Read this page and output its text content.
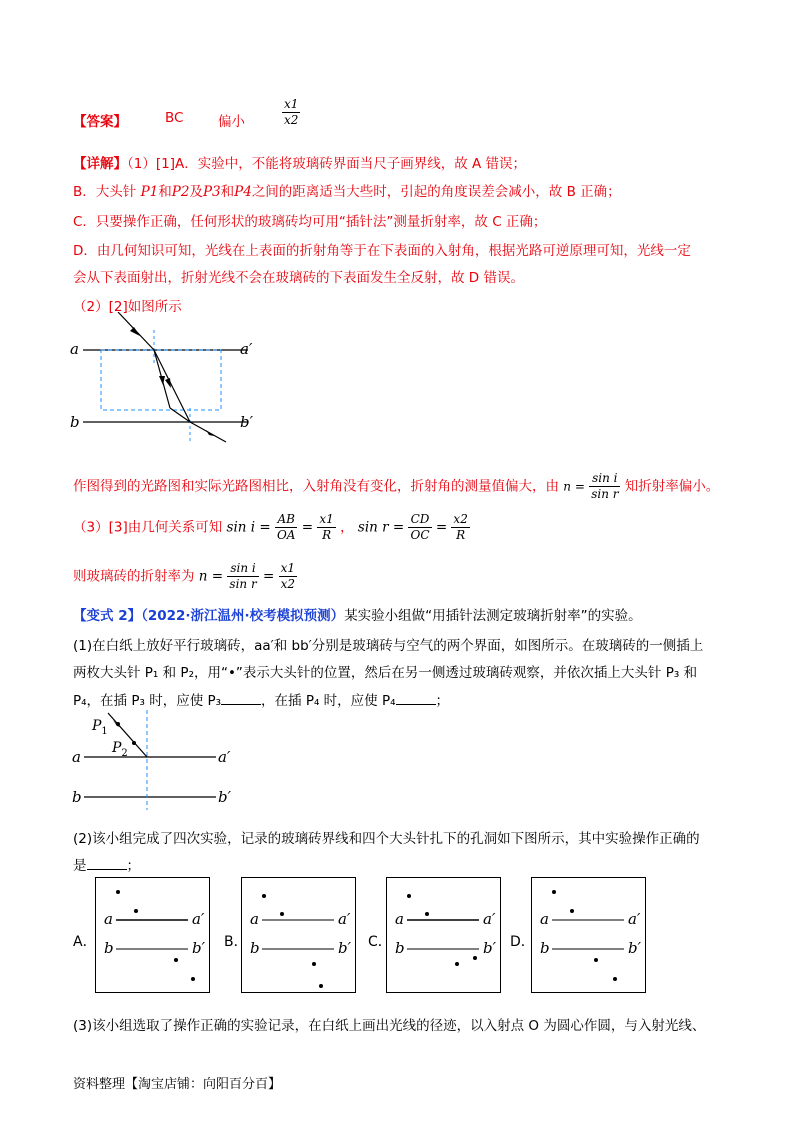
【答案】	BC	偏小	$\frac{x1}{x2}$
【详解】（1）[1]A．实验中，不能将玻璃砖界面当尺子画界线，故 A 错误；
B．大头针 P1和P2及P3和P4之间的距离适当大些时，引起的角度误差会减小，故 B 正确；
C．只要操作正确，任何形状的玻璃砖均可用“插针法”测量折射率，故 C 正确；
D．由几何知识可知，光线在上表面的折射角等于在下表面的入射角，根据光路可逆原理可知，光线一定
会从下表面射出，折射光线不会在玻璃砖的下表面发生全反射，故 D 错误。
（2）[2]如图所示
a	a′
b	b′
作图得到的光路图和实际光路图相比，入射角没有变化，折射角的测量值偏大，由 $n = \frac{\text{sin i}}{\text{sin r}}$ 知折射率偏小。
（3）[3]由几何关系可知 $\sin i = \frac{AB}{OA} = \frac{x1}{R}$ ， $\sin r = \frac{CD}{OC} = \frac{x2}{R}$
则玻璃砖的折射率为 $n = \frac{\text{sin i}}{\text{sin r}} = \frac{x1}{x2}$
【变式 2】（2022·浙江温州·校考模拟预测）某实验小组做“用插针法测定玻璃折射率”的实验。
(1)在白纸上放好平行玻璃砖，aa′和 bb′分别是玻璃砖与空气的两个界面，如图所示。在玻璃砖的一侧插上
两枚大头针 P₁ 和 P₂，用“•”表示大头针的位置，然后在另一侧透过玻璃砖观察，并依次插上大头针 P₃ 和
P₄，在插 P₃ 时，应使 P₃	，在插 P₄ 时，应使 P₄	；
$P_1$
$P_2$
a	a′
b	b′
(2)该小组完成了四次实验，记录的玻璃砖界线和四个大头针扎下的孔洞如下图所示，其中实验操作正确的
是	；
A．
a	a′
b	b′ B．
a	a′
b	b′ C．
a	a′
b	b′ D．
a	a′
b	b′
(3)该小组选取了操作正确的实验记录，在白纸上画出光线的径迹，以入射点 O 为圆心作圆，与入射光线、
资料整理【淘宝店铺：向阳百分百】
